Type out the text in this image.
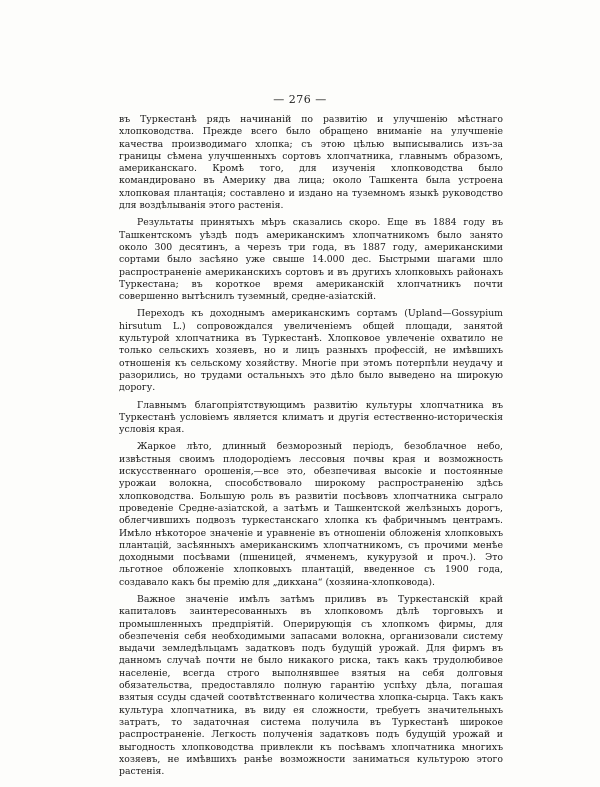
— 276 —

въ Туркестанѣ рядъ начинаній по развитію и улучшенію мѣстнаго хлопководства. Прежде всего было обращено вниманіе на улучшеніе качества производимаго хлопка; съ этою цѣлью выписывались изъ-за границы сѣмена улучшенныхъ сортовъ хлопчатника, главнымъ образомъ, американскаго. Кромѣ того, для изученія хлопководства было командировано въ Америку два лица; около Ташкента была устроена хлопковая плантація; составлено и издано на туземномъ языкѣ руководство для воздѣлыванія этого растенія.

Результаты принятыхъ мѣръ сказались скоро. Еще въ 1884 году въ Ташкентскомъ уѣздѣ подъ американскимъ хлопчатникомъ было занято около 300 десятинъ, а черезъ три года, въ 1887 году, американскими сортами было засѣяно уже свыше 14.000 дес. Быстрыми шагами шло распространеніе американскихъ сортовъ и въ другихъ хлопковыхъ районахъ Туркестана; въ короткое время американскій хлопчатникъ почти совершенно вытѣснилъ туземный, средне-азіатскій.

Переходъ къ доходнымъ американскимъ сортамъ (Upland—Gossypium hirsutum L.) сопровождался увеличеніемъ общей площади, занятой культурой хлопчатника въ Туркестанѣ. Хлопковое увлеченіе охватило не только сельскихъ хозяевъ, но и лицъ разныхъ профессій, не имѣвшихъ отношенія къ сельскому хозяйству. Многіе при этомъ потерпѣли неудачу и разорились, но трудами остальныхъ это дѣло было выведено на широкую дорогу.

Главнымъ благопріятствующимъ развитію культуры хлопчатника въ Туркестанѣ условіемъ является климатъ и другія естественно-историческія условія края.

Жаркое лѣто, длинный безморозный періодъ, безоблачное небо, извѣстныя своимъ плодородіемъ лессовыя почвы края и возможность искусственнаго орошенія,—все это, обезпечивая высокіе и постоянные урожаи волокна, способствовало широкому распространенію здѣсь хлопководства. Большую роль въ развитіи посѣвовъ хлопчатника сыграло проведеніе Средне-азіатской, а затѣмъ и Ташкентской желѣзныхъ дорогъ, облегчившихъ подвозъ туркестанскаго хлопка къ фабричнымъ центрамъ. Имѣло нѣкоторое значеніе и уравненіе въ отношеніи обложенія хлопковыхъ плантацій, засѣянныхъ американскимъ хлопчатникомъ, съ прочими менѣе доходными посѣвами (пшеницей, ячменемъ, кукурузой и проч.). Это льготное обложеніе хлопковыхъ плантацій, введенное съ 1900 года, создавало какъ бы премію для „дикхана“ (хозяина-хлопковода).

Важное значеніе имѣлъ затѣмъ приливъ въ Туркестанскій край капиталовъ заинтересованныхъ въ хлопковомъ дѣлѣ торговыхъ и промышленныхъ предпріятій. Оперирующія съ хлопкомъ фирмы, для обезпеченія себя необходимыми запасами волокна, организовали систему выдачи земледѣльцамъ задатковъ подъ будущій урожай. Для фирмъ въ данномъ случаѣ почти не было никакого риска, такъ какъ трудолюбивое населеніе, всегда строго выполнявшее взятыя на себя долговыя обязательства, предоставляло полную гарантію успѣху дѣла, погашая взятыя ссуды сдачей соотвѣтственнаго количества хлопка-сырца. Такъ какъ культура хлопчатника, въ виду ея сложности, требуетъ значительныхъ затратъ, то задаточная система получила въ Туркестанѣ широкое распространеніе. Легкость полученія задатковъ подъ будущій урожай и выгодность хлопководства привлекли къ посѣвамъ хлопчатника многихъ хозяевъ, не имѣвшихъ ранѣе возможности заниматься культурою этого растенія.
